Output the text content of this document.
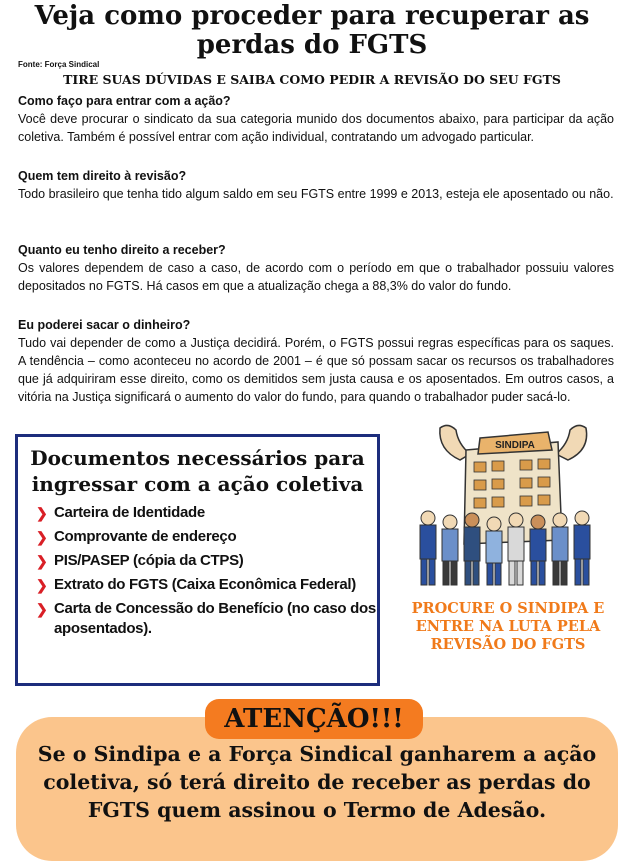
Veja como proceder para recuperar as perdas do FGTS
Fonte: Força Sindical
TIRE SUAS DÚVIDAS E SAIBA COMO PEDIR A REVISÃO DO SEU FGTS
Como faço para entrar com a ação?
Você deve procurar o sindicato da sua categoria munido dos documentos abaixo, para participar da ação coletiva. Também é possível entrar com ação individual, contratando um advogado particular.
Quem tem direito à revisão?
Todo brasileiro que tenha tido algum saldo em seu FGTS entre 1999 e 2013, esteja ele aposentado ou não.
Quanto eu tenho direito a receber?
Os valores dependem de caso a caso, de acordo com o período em que o trabalhador possuiu valores depositados no FGTS. Há casos em que a atualização chega a 88,3% do valor do fundo.
Eu poderei sacar o dinheiro?
Tudo vai depender de como a Justiça decidirá. Porém, o FGTS possui regras específicas para os saques. A tendência – como aconteceu no acordo de 2001 – é que só possam sacar os recursos os trabalhadores que já adquiriram esse direito, como os demitidos sem justa causa e os aposentados. Em outros casos, a vitória na Justiça significará o aumento do valor do fundo, para quando o trabalhador puder sacá-lo.
Documentos necessários para ingressar com a ação coletiva
❯ Carteira de Identidade
❯ Comprovante de endereço
❯ PIS/PASEP (cópia da CTPS)
❯ Extrato do FGTS (Caixa Econômica Federal)
❯ Carta de Concessão do Benefício (no caso dos aposentados).
SINDIPA
PROCURE O SINDIPA E ENTRE NA LUTA PELA REVISÃO DO FGTS
ATENÇÃO!!!
Se o Sindipa e a Força Sindical ganharem a ação coletiva, só terá direito de receber as perdas do FGTS quem assinou o Termo de Adesão.
